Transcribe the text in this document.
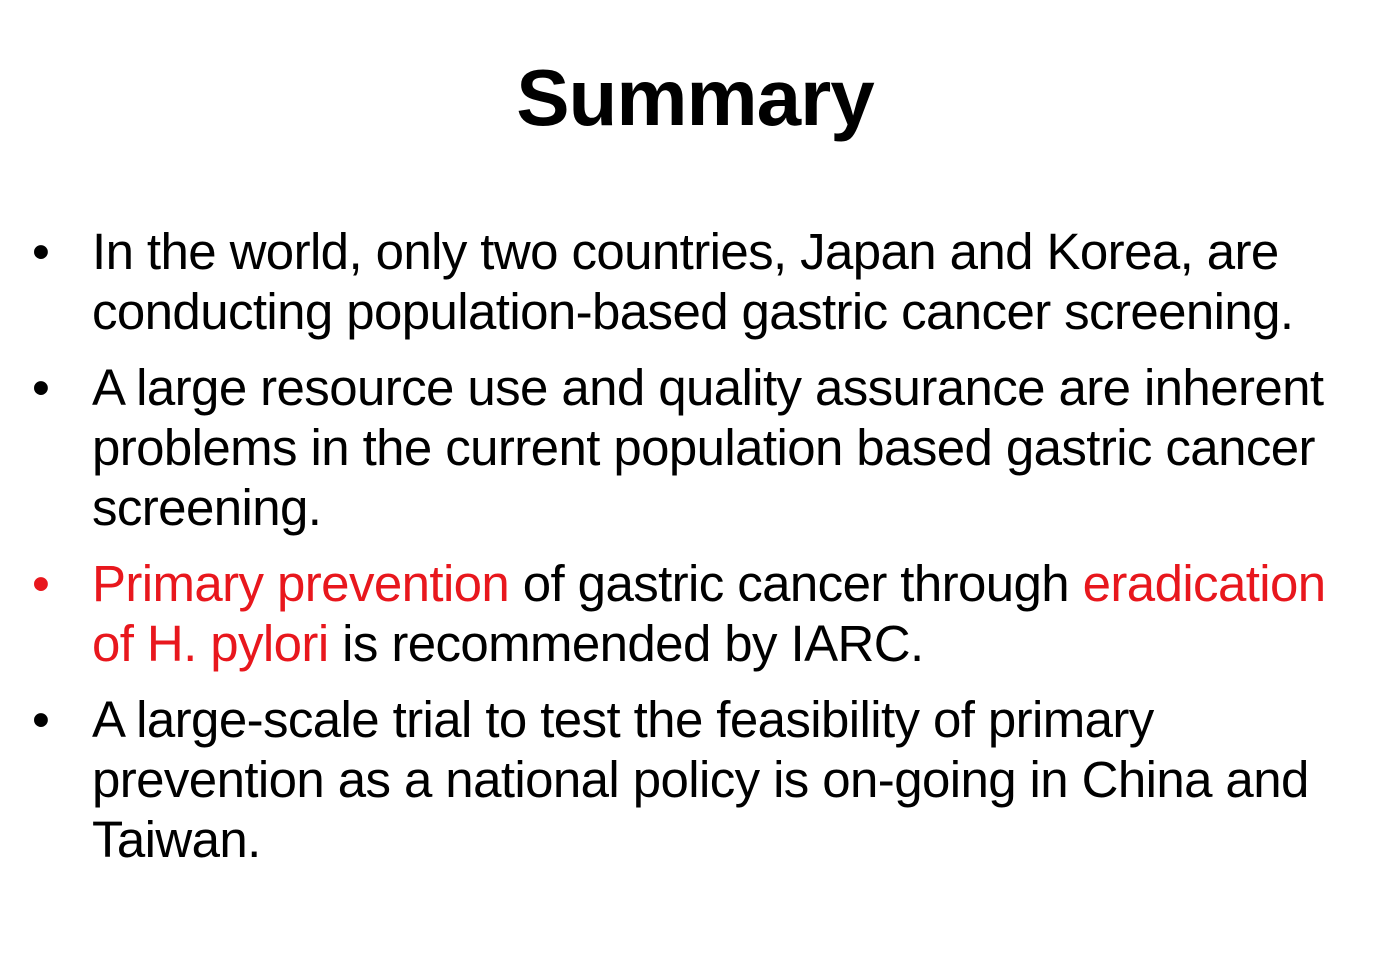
Summary
• In the world, only two countries, Japan and Korea, are conducting population-based gastric cancer screening.
• A large resource use and quality assurance are inherent problems in the current population based gastric cancer screening.
• Primary prevention of gastric cancer through eradication of H. pylori is recommended by IARC.
• A large-scale trial to test the feasibility of primary prevention as a national policy is on-going in China and Taiwan.
